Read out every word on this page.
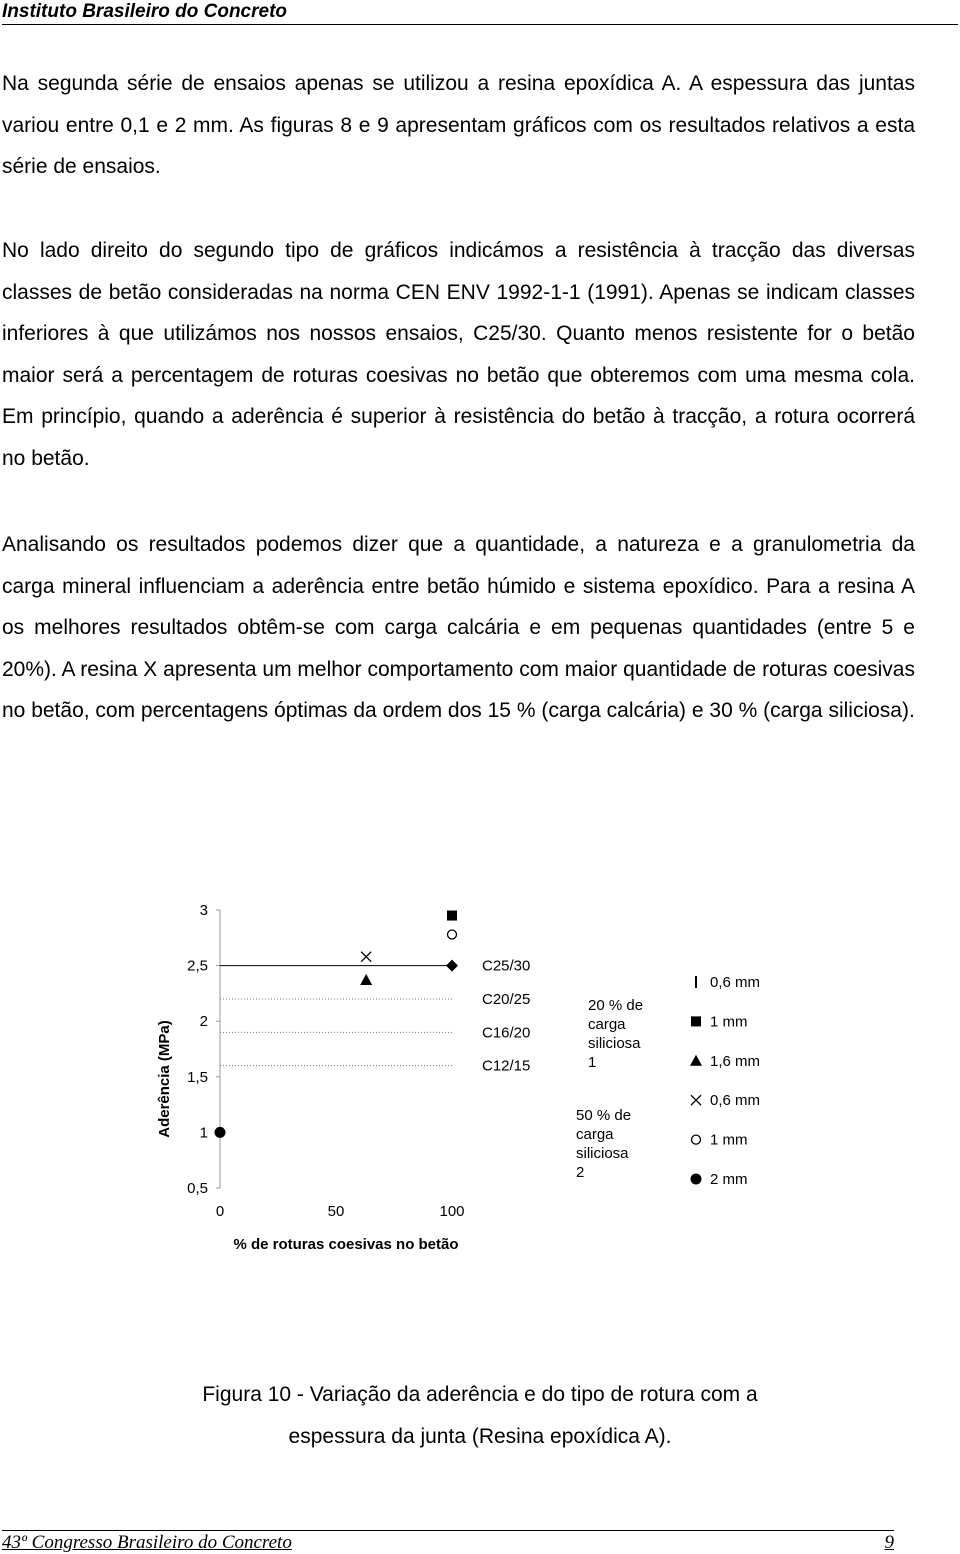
Instituto Brasileiro do Concreto
Na segunda série de ensaios apenas se utilizou a resina epoxídica A. A espessura das juntas variou entre 0,1 e 2 mm. As figuras 8 e 9 apresentam gráficos com os resultados relativos a esta série de ensaios.
No lado direito do segundo tipo de gráficos indicámos a resistência à tracção das diversas classes de betão consideradas na norma CEN ENV 1992-1-1 (1991). Apenas se indicam classes inferiores à que utilizámos nos nossos ensaios, C25/30. Quanto menos resistente for o betão maior será a percentagem de roturas coesivas no betão que obteremos com uma mesma cola. Em princípio, quando a aderência é superior à resistência do betão à tracção, a rotura ocorrerá no betão.
Analisando os resultados podemos dizer que a quantidade, a natureza e a granulometria da carga mineral influenciam a aderência entre betão húmido e sistema epoxídico. Para a resina A os melhores resultados obtêm-se com carga calcária e em pequenas quantidades (entre 5 e 20%). A resina X apresenta um melhor comportamento com maior quantidade de roturas coesivas no betão, com percentagens óptimas da ordem dos 15 % (carga calcária) e 30 % (carga siliciosa).
0,5
1
1,5
2
2,5
3
0	50	100
Aderência (MPa)
% de roturas coesivas no betão
C25/30
C20/25
C16/20
C12/15
20 % de carga siliciosa 1
50 % de carga siliciosa 2
0,6 mm
1 mm
1,6 mm
0,6 mm
1 mm
2 mm
Figura 10 - Variação da aderência e do tipo de rotura com a
espessura da junta (Resina epoxídica A).
43º Congresso Brasileiro do Concreto	9
